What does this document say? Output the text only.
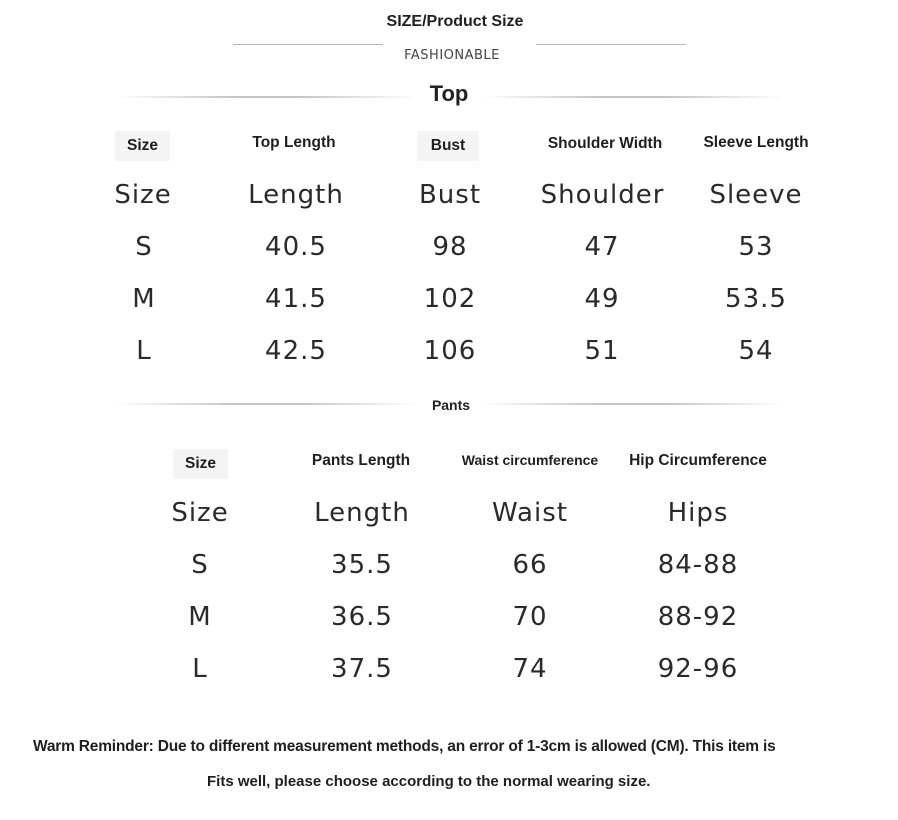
SIZE/Product Size
FASHIONABLE
Top
Size	Top Length	Bust	Shoulder Width	Sleeve Length
Size	Length	Bust	Shoulder	Sleeve
S	40.5	98	47	53
M	41.5	102	49	53.5
L	42.5	106	51	54
Pants
Size	Pants Length	Waist circumference	Hip Circumference
Size	Length	Waist	Hips
S	35.5	66	84-88
M	36.5	70	88-92
L	37.5	74	92-96
Warm Reminder: Due to different measurement methods, an error of 1-3cm is allowed (CM). This item is
Fits well, please choose according to the normal wearing size.
